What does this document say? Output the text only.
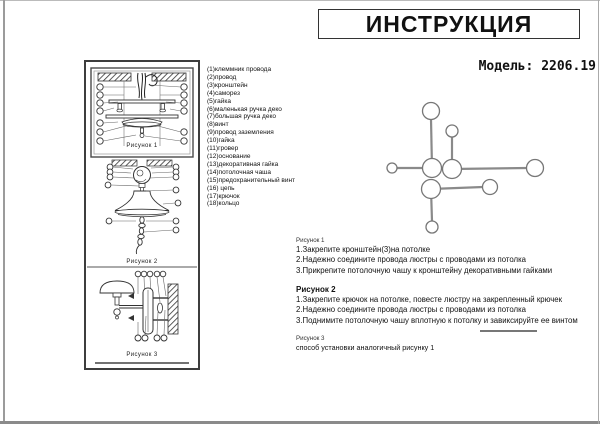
ИНСТРУКЦИЯ
Модель: 2206.19
Рисунок 1
Рисунок 2
Рисунок 3
(1)клеммник провода
(2)провод
(3)кронштейн
(4)саморез
(5)гайка
(6)маленькая ручка деко
(7)большая ручка деко
(8)винт
(9)провод заземления
(10)гайка
(11)гровер
(12)основание
(13)декоративная гайка
(14)потолочная чаша
(15)предохранительный винт
(16) цепь
(17)крючок
(18)кольцо
Рисунок 1
1.Закрепите кронштейн(3)на потолке
2.Надежно соедините провода люстры с проводами из потолка
3.Прикрепите потолочную чашу к кронштейну декоративными гайками
Рисунок 2
1.Закрепите крючок на потолке, повесте люстру на закрепленный крючек
2.Надежно соедините провода люстры с проводами из потолка
3.Поднимите потолочную чашу вплотную к потолку и завиксируйте ее винтом
Рисунок 3
способ установки аналогичный рисунку 1
